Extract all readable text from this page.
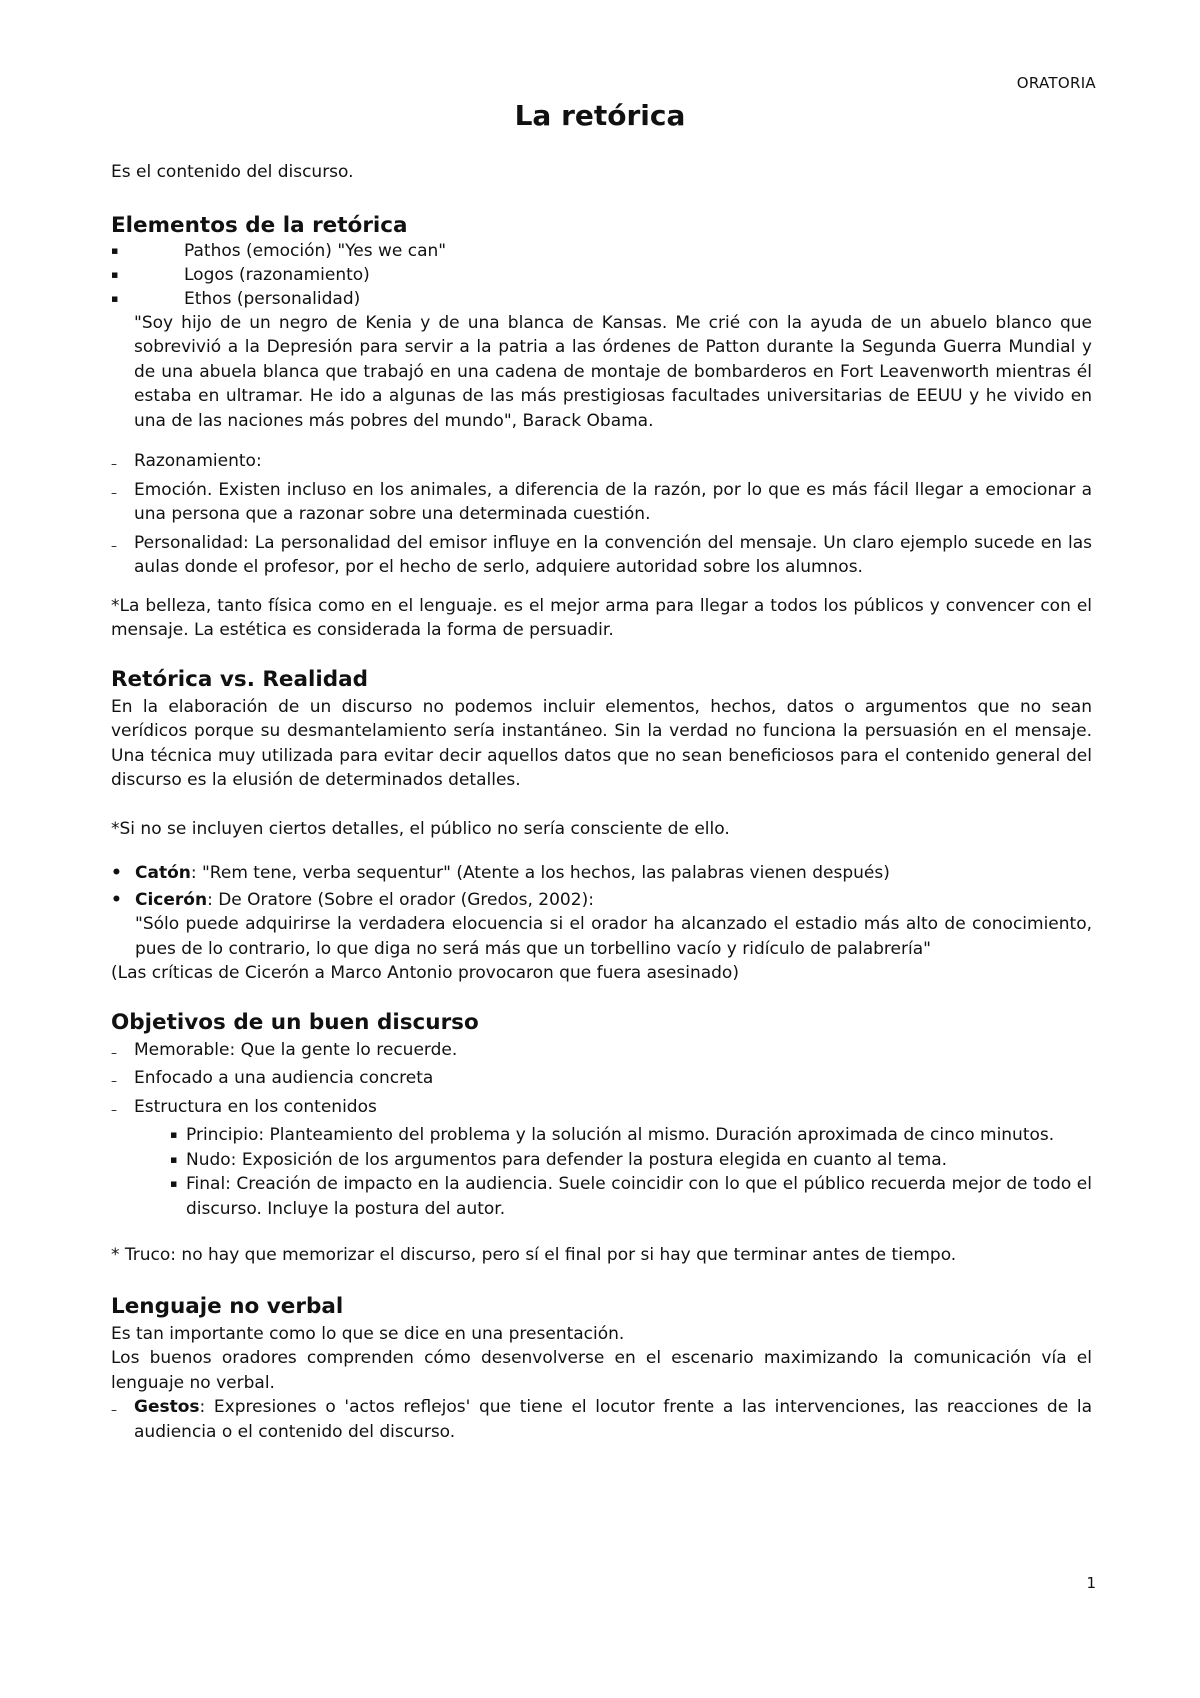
ORATORIA
La retórica

Es el contenido del discurso.

Elementos de la retórica
▪ Pathos (emoción) "Yes we can"
▪ Logos (razonamiento)
▪ Ethos (personalidad)

"Soy hijo de un negro de Kenia y de una blanca de Kansas. Me crié con la ayuda de un abuelo blanco que sobrevivió a la Depresión para servir a la patria a las órdenes de Patton durante la Segunda Guerra Mundial y de una abuela blanca que trabajó en una cadena de montaje de bombarderos en Fort Leavenworth mientras él estaba en ultramar. He ido a algunas de las más prestigiosas facultades universitarias de EEUU y he vivido en una de las naciones más pobres del mundo", Barack Obama.

– Razonamiento:
– Emoción. Existen incluso en los animales, a diferencia de la razón, por lo que es más fácil llegar a emocionar a una persona que a razonar sobre una determinada cuestión.
– Personalidad: La personalidad del emisor influye en la convención del mensaje. Un claro ejemplo sucede en las aulas donde el profesor, por el hecho de serlo, adquiere autoridad sobre los alumnos.

*La belleza, tanto física como en el lenguaje. es el mejor arma para llegar a todos los públicos y convencer con el mensaje. La estética es considerada la forma de persuadir.

Retórica vs. Realidad

En la elaboración de un discurso no podemos incluir elementos, hechos, datos o argumentos que no sean verídicos porque su desmantelamiento sería instantáneo. Sin la verdad no funciona la persuasión en el mensaje. Una técnica muy utilizada para evitar decir aquellos datos que no sean beneficiosos para el contenido general del discurso es la elusión de determinados detalles.

*Si no se incluyen ciertos detalles, el público no sería consciente de ello.

• Catón: "Rem tene, verba sequentur" (Atente a los hechos, las palabras vienen después)
• Cicerón: De Oratore (Sobre el orador (Gredos, 2002):

"Sólo puede adquirirse la verdadera elocuencia si el orador ha alcanzado el estadio más alto de conocimiento, pues de lo contrario, lo que diga no será más que un torbellino vacío y ridículo de palabrería"

(Las críticas de Cicerón a Marco Antonio provocaron que fuera asesinado)

Objetivos de un buen discurso
– Memorable: Que la gente lo recuerde.
– Enfocado a una audiencia concreta
– Estructura en los contenidos
▪ Principio: Planteamiento del problema y la solución al mismo. Duración aproximada de cinco minutos.
▪ Nudo: Exposición de los argumentos para defender la postura elegida en cuanto al tema.
▪ Final: Creación de impacto en la audiencia. Suele coincidir con lo que el público recuerda mejor de todo el discurso. Incluye la postura del autor.

* Truco: no hay que memorizar el discurso, pero sí el final por si hay que terminar antes de tiempo.

Lenguaje no verbal

Es tan importante como lo que se dice en una presentación.

Los buenos oradores comprenden cómo desenvolverse en el escenario maximizando la comunicación vía el lenguaje no verbal.

– Gestos: Expresiones o 'actos reflejos' que tiene el locutor frente a las intervenciones, las reacciones de la audiencia o el contenido del discurso.
1
